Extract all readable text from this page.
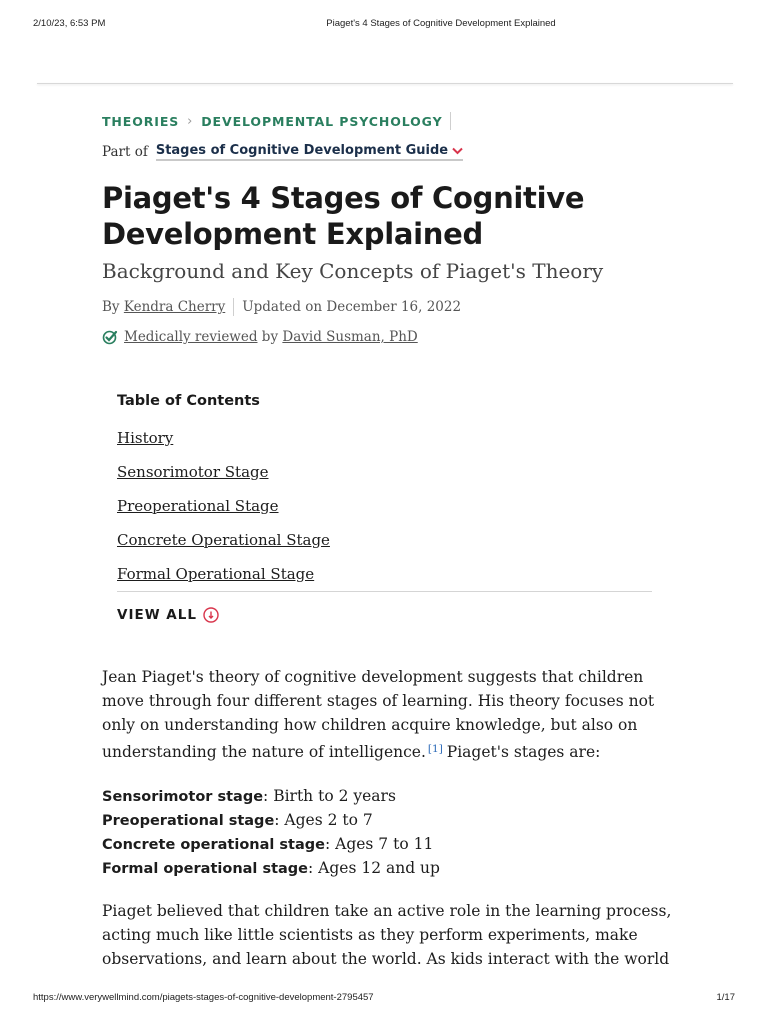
2/10/23, 6:53 PM	Piaget's 4 Stages of Cognitive Development Explained
THEORIES › DEVELOPMENTAL PSYCHOLOGY
Part of Stages of Cognitive Development Guide
Piaget's 4 Stages of Cognitive Development Explained
Background and Key Concepts of Piaget's Theory
By
Kendra Cherry Updated on December 16, 2022
Medically reviewed
by
David Susman, PhD
Table of Contents
History
Sensorimotor Stage
Preoperational Stage
Concrete Operational Stage
Formal Operational Stage
VIEW ALL

Jean Piaget's theory of cognitive development suggests that children move through four different stages of learning. His theory focuses not only on understanding how children acquire knowledge, but also on understanding the nature of intelligence. [1] Piaget's stages are:

Sensorimotor stage: Birth to 2 years
Preoperational stage: Ages 2 to 7
Concrete operational stage: Ages 7 to 11
Formal operational stage: Ages 12 and up

Piaget believed that children take an active role in the learning process, acting much like little scientists as they perform experiments, make observations, and learn about the world. As kids interact with the world

https://www.verywellmind.com/piagets-stages-of-cognitive-development-2795457	1/17
